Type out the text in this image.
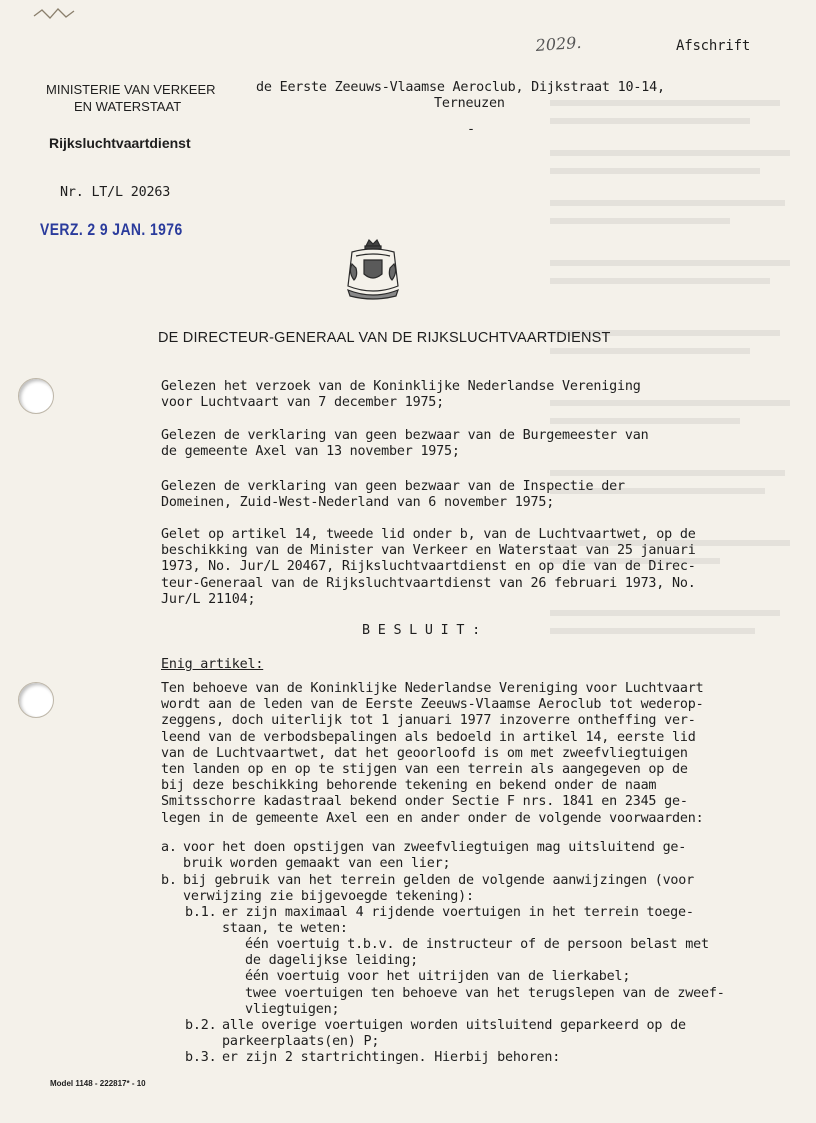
2029.	Afschrift
MINISTERIE VAN VERKEER
EN WATERSTAAT
Rijksluchtvaartdienst
Nr. LT/L 20263
VERZ. 2 9 JAN. 1976
de Eerste Zeeuws-Vlaamse Aeroclub, Dijkstraat 10-14,
Terneuzen
-
DE DIRECTEUR-GENERAAL VAN DE RIJKSLUCHTVAARTDIENST
Gelezen het verzoek van de Koninklijke Nederlandse Vereniging
voor Luchtvaart van 7 december 1975;
Gelezen de verklaring van geen bezwaar van de Burgemeester van
de gemeente Axel van 13 november 1975;
Gelezen de verklaring van geen bezwaar van de Inspectie der
Domeinen, Zuid-West-Nederland van 6 november 1975;
Gelet op artikel 14, tweede lid onder b, van de Luchtvaartwet, op de
beschikking van de Minister van Verkeer en Waterstaat van 25 januari
1973, No. Jur/L 20467, Rijksluchtvaartdienst en op die van de Direc-
teur-Generaal van de Rijksluchtvaartdienst van 26 februari 1973, No.
Jur/L 21104;
B E S L U I T :
Enig artikel:
Ten behoeve van de Koninklijke Nederlandse Vereniging voor Luchtvaart
wordt aan de leden van de Eerste Zeeuws-Vlaamse Aeroclub tot wederop-
zeggens, doch uiterlijk tot 1 januari 1977 inzoverre ontheffing ver-
leend van de verbodsbepalingen als bedoeld in artikel 14, eerste lid
van de Luchtvaartwet, dat het geoorloofd is om met zweefvliegtuigen
ten landen op en op te stijgen van een terrein als aangegeven op de
bij deze beschikking behorende tekening en bekend onder de naam
Smitsschorre kadastraal bekend onder Sectie F nrs. 1841 en 2345 ge-
legen in de gemeente Axel een en ander onder de volgende voorwaarden:
a. voor het doen opstijgen van zweefvliegtuigen mag uitsluitend ge-
bruik worden gemaakt van een lier;
b. bij gebruik van het terrein gelden de volgende aanwijzingen (voor
verwijzing zie bijgevoegde tekening):
b.1. er zijn maximaal 4 rijdende voertuigen in het terrein toege-
staan, te weten:
één voertuig t.b.v. de instructeur of de persoon belast met
de dagelijkse leiding;
één voertuig voor het uitrijden van de lierkabel;
twee voertuigen ten behoeve van het terugslepen van de zweef-
vliegtuigen;
b.2. alle overige voertuigen worden uitsluitend geparkeerd op de
parkeerplaats(en) P;
b.3. er zijn 2 startrichtingen. Hierbij behoren:
Model 1148 - 222817* - 10
